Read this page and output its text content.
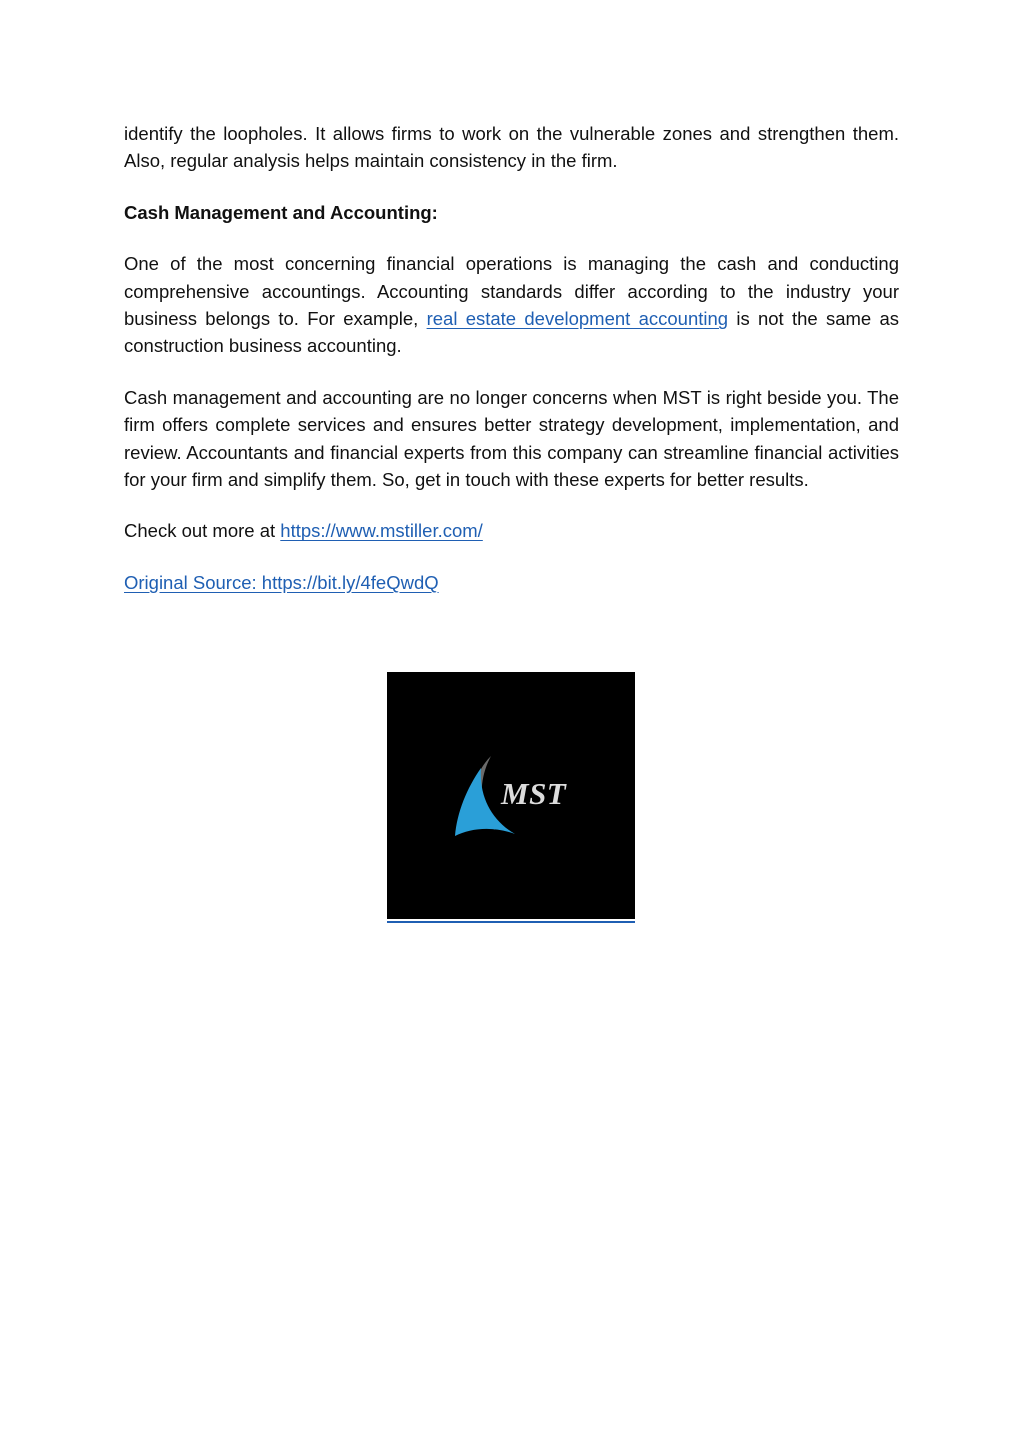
identify the loopholes. It allows firms to work on the vulnerable zones and strengthen them. Also, regular analysis helps maintain consistency in the firm.

Cash Management and Accounting:

One of the most concerning financial operations is managing the cash and conducting comprehensive accountings. Accounting standards differ according to the industry your business belongs to. For example, real estate development accounting is not the same as construction business accounting.

Cash management and accounting are no longer concerns when MST is right beside you. The firm offers complete services and ensures better strategy development, implementation, and review. Accountants and financial experts from this company can streamline financial activities for your firm and simplify them. So, get in touch with these experts for better results.

Check out more at https://www.mstiller.com/

Original Source: https://bit.ly/4feQwdQ

MST
